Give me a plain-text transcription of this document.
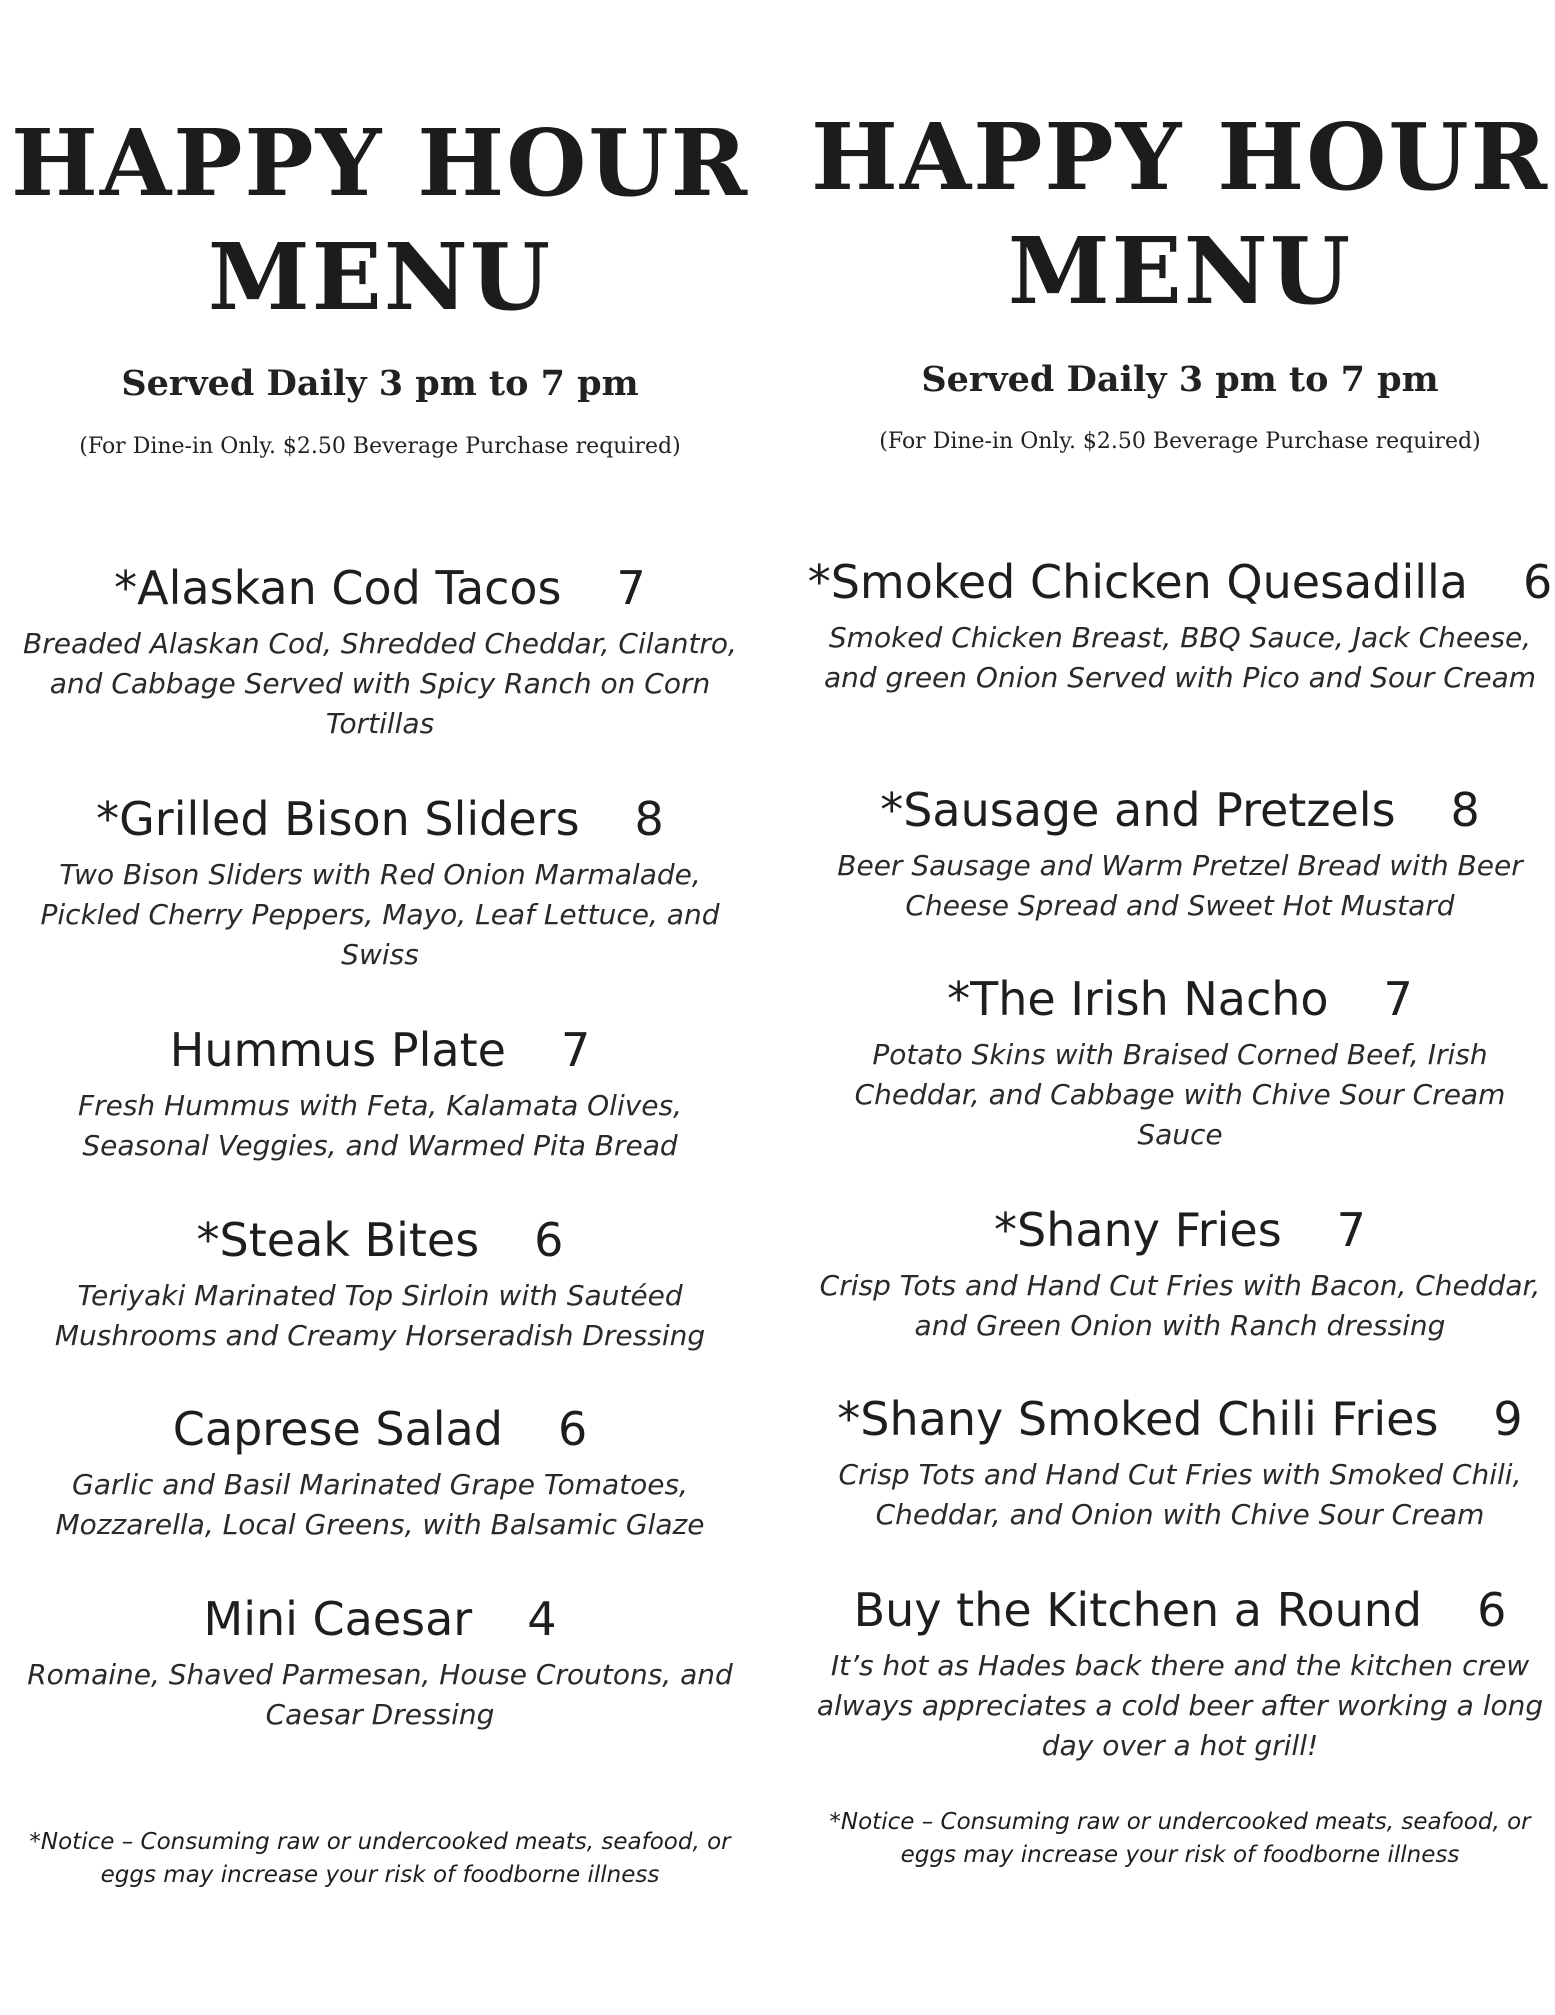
HAPPY HOUR

MENU

Served Daily 3 pm to 7 pm

(For Dine-in Only. $2.50 Beverage Purchase required)

*Alaskan Cod Tacos 7

Breaded Alaskan Cod, Shredded Cheddar, Cilantro, and Cabbage Served with Spicy Ranch on Corn Tortillas

*Grilled Bison Sliders 8

Two Bison Sliders with Red Onion Marmalade, Pickled Cherry Peppers, Mayo, Leaf Lettuce, and Swiss

Hummus Plate 7

Fresh Hummus with Feta, Kalamata Olives, Seasonal Veggies, and Warmed Pita Bread

*Steak Bites 6

Teriyaki Marinated Top Sirloin with Sautéed Mushrooms and Creamy Horseradish Dressing

Caprese Salad 6

Garlic and Basil Marinated Grape Tomatoes, Mozzarella, Local Greens, with Balsamic Glaze

Mini Caesar 4

Romaine, Shaved Parmesan, House Croutons, and Caesar Dressing

*Notice – Consuming raw or undercooked meats, seafood, or eggs may increase your risk of foodborne illness

HAPPY HOUR

MENU

Served Daily 3 pm to 7 pm

(For Dine-in Only. $2.50 Beverage Purchase required)

*Smoked Chicken Quesadilla 6

Smoked Chicken Breast, BBQ Sauce, Jack Cheese, and green Onion Served with Pico and Sour Cream

*Sausage and Pretzels 8

Beer Sausage and Warm Pretzel Bread with Beer Cheese Spread and Sweet Hot Mustard

*The Irish Nacho 7

Potato Skins with Braised Corned Beef, Irish Cheddar, and Cabbage with Chive Sour Cream Sauce

*Shany Fries 7

Crisp Tots and Hand Cut Fries with Bacon, Cheddar, and Green Onion with Ranch dressing

*Shany Smoked Chili Fries 9

Crisp Tots and Hand Cut Fries with Smoked Chili, Cheddar, and Onion with Chive Sour Cream

Buy the Kitchen a Round 6

It’s hot as Hades back there and the kitchen crew always appreciates a cold beer after working a long day over a hot grill!

*Notice – Consuming raw or undercooked meats, seafood, or eggs may increase your risk of foodborne illness
